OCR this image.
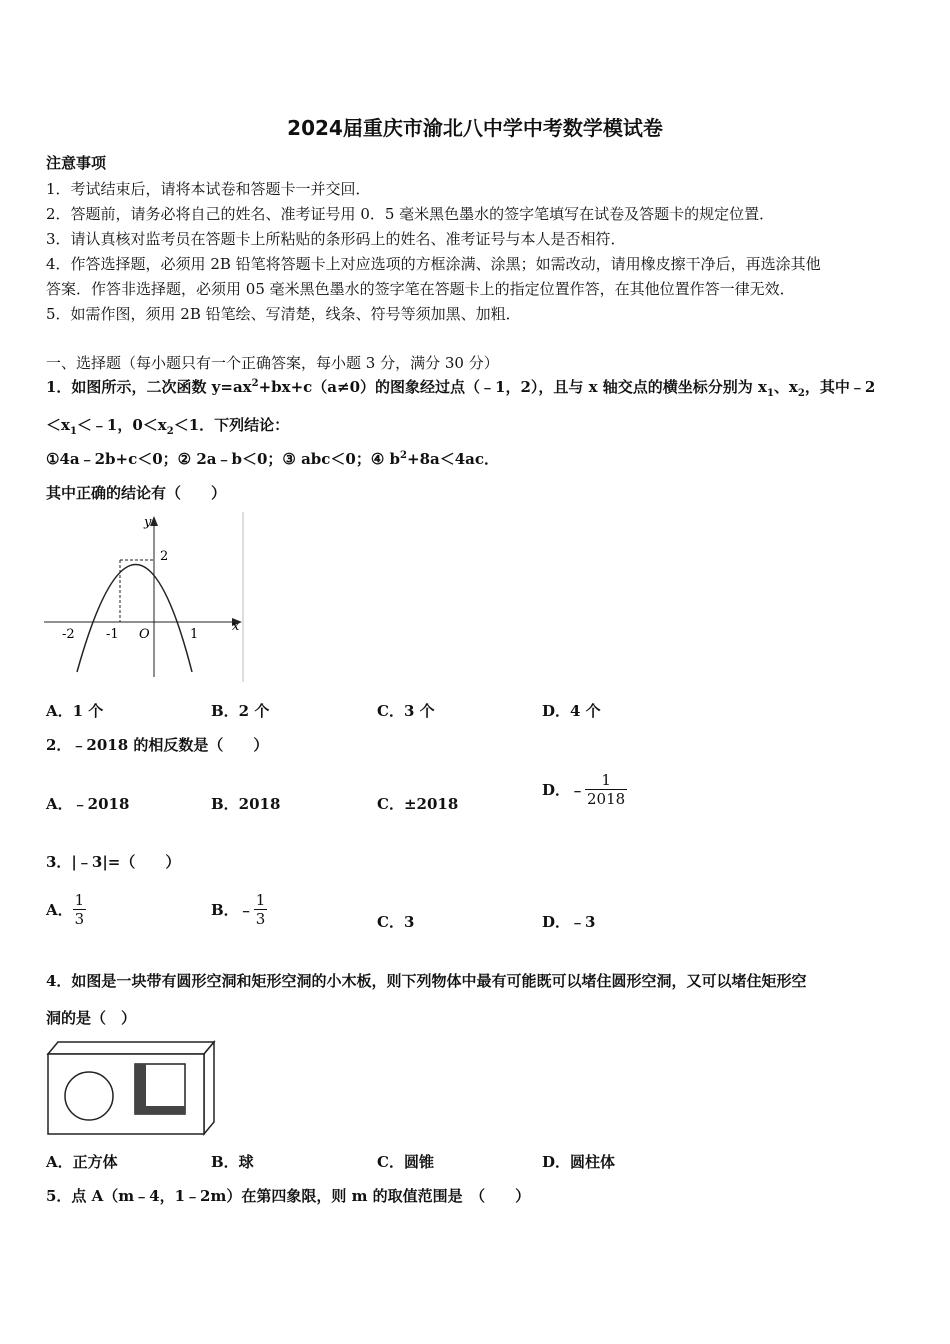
2024届重庆市渝北八中学中考数学模试卷
注意事项
1．考试结束后，请将本试卷和答题卡一并交回．
2．答题前，请务必将自己的姓名、准考证号用 0．5 毫米黑色墨水的签字笔填写在试卷及答题卡的规定位置．
3．请认真核对监考员在答题卡上所粘贴的条形码上的姓名、准考证号与本人是否相符．
4．作答选择题，必须用 2B 铅笔将答题卡上对应选项的方框涂满、涂黑；如需改动，请用橡皮擦干净后，再选涂其他
答案．作答非选择题，必须用 05 毫米黑色墨水的签字笔在答题卡上的指定位置作答，在其他位置作答一律无效．
5．如需作图，须用 2B 铅笔绘、写清楚，线条、符号等须加黑、加粗．
一、选择题（每小题只有一个正确答案，每小题 3 分，满分 30 分）
1．如图所示，二次函数 $y=ax^2+bx+c(a\ne 0)$的图象经过点（﹣1，2），且与 x 轴交点的横坐标分别为 $x_1$、$x_2$，其中﹣2
$<x_1<﹣1$，$0<x_2<1$．下列结论：
①4a﹣2b+c＜0；② 2a﹣b＜0；③ abc＜0；④ $b^2+8a<4ac$．
其中正确的结论有（　　）
y
x
2
-2 -1 O	1
A．1 个	B．2 个	C．3 个	D．4 个
2．﹣2018 的相反数是（　　）
A．﹣2018	B．2018	C．±2018
D．﹣ $\frac{1}{2018}$
3．|﹣3|=（　　）
A． $\frac{1}{3}$	B．﹣ $\frac{1}{3}$	C．3	D．﹣3
4．如图是一块带有圆形空洞和矩形空洞的小木板，则下列物体中最有可能既可以堵住圆形空洞，又可以堵住矩形空
洞的是（　）
A．正方体	B．球	C．圆锥	D．圆柱体
5．点 A（m﹣4，1﹣2m）在第四象限，则 m 的取值范围是　（　　）
